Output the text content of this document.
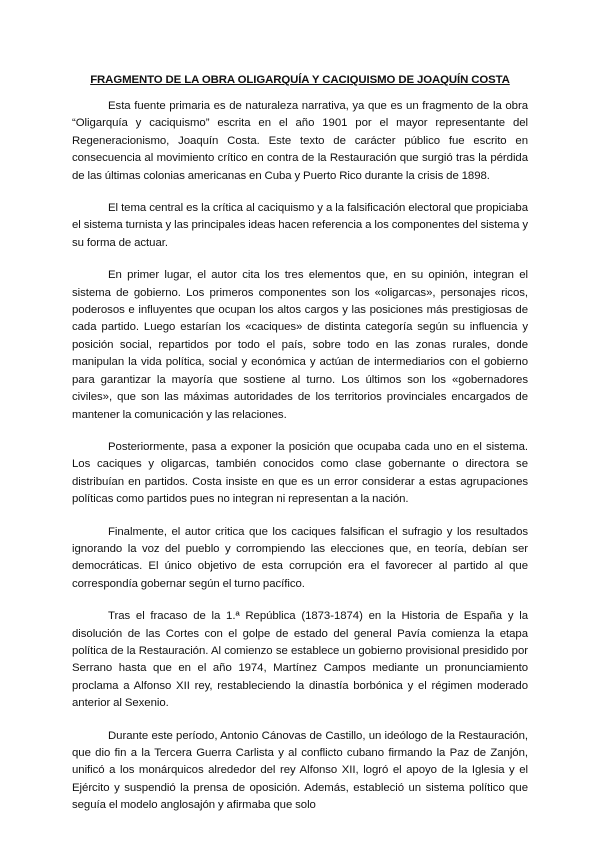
FRAGMENTO DE LA OBRA OLIGARQUÍA Y CACIQUISMO DE JOAQUÍN COSTA

Esta fuente primaria es de naturaleza narrativa, ya que es un fragmento de la obra “Oligarquía y caciquismo” escrita en el año 1901 por el mayor representante del Regeneracionismo, Joaquín Costa. Este texto de carácter público fue escrito en consecuencia al movimiento crítico en contra de la Restauración que surgió tras la pérdida de las últimas colonias americanas en Cuba y Puerto Rico durante la crisis de 1898.

El tema central es la crítica al caciquismo y a la falsificación electoral que propiciaba el sistema turnista y las principales ideas hacen referencia a los componentes del sistema y su forma de actuar.

En primer lugar, el autor cita los tres elementos que, en su opinión, integran el sistema de gobierno. Los primeros componentes son los «oligarcas», personajes ricos, poderosos e influyentes que ocupan los altos cargos y las posiciones más prestigiosas de cada partido. Luego estarían los «caciques» de distinta categoría según su influencia y posición social, repartidos por todo el país, sobre todo en las zonas rurales, donde manipulan la vida política, social y económica y actúan de intermediarios con el gobierno para garantizar la mayoría que sostiene al turno. Los últimos son los «gobernadores civiles», que son las máximas autoridades de los territorios provinciales encargados de mantener la comunicación y las relaciones.

Posteriormente, pasa a exponer la posición que ocupaba cada uno en el sistema. Los caciques y oligarcas, también conocidos como clase gobernante o directora se distribuían en partidos. Costa insiste en que es un error considerar a estas agrupaciones políticas como partidos pues no integran ni representan a la nación.

Finalmente, el autor critica que los caciques falsifican el sufragio y los resultados ignorando la voz del pueblo y corrompiendo las elecciones que, en teoría, debían ser democráticas. El único objetivo de esta corrupción era el favorecer al partido al que correspondía gobernar según el turno pacífico.

Tras el fracaso de la 1.ª República (1873-1874) en la Historia de España y la disolución de las Cortes con el golpe de estado del general Pavía comienza la etapa política de la Restauración. Al comienzo se establece un gobierno provisional presidido por Serrano hasta que en el año 1974, Martínez Campos mediante un pronunciamiento proclama a Alfonso XII rey, restableciendo la dinastía borbónica y el régimen moderado anterior al Sexenio.

Durante este período, Antonio Cánovas de Castillo, un ideólogo de la Restauración, que dio fin a la Tercera Guerra Carlista y al conflicto cubano firmando la Paz de Zanjón, unificó a los monárquicos alrededor del rey Alfonso XII, logró el apoyo de la Iglesia y el Ejército y suspendió la prensa de oposición. Además, estableció un sistema político que seguía el modelo anglosajón y afirmaba que solo
